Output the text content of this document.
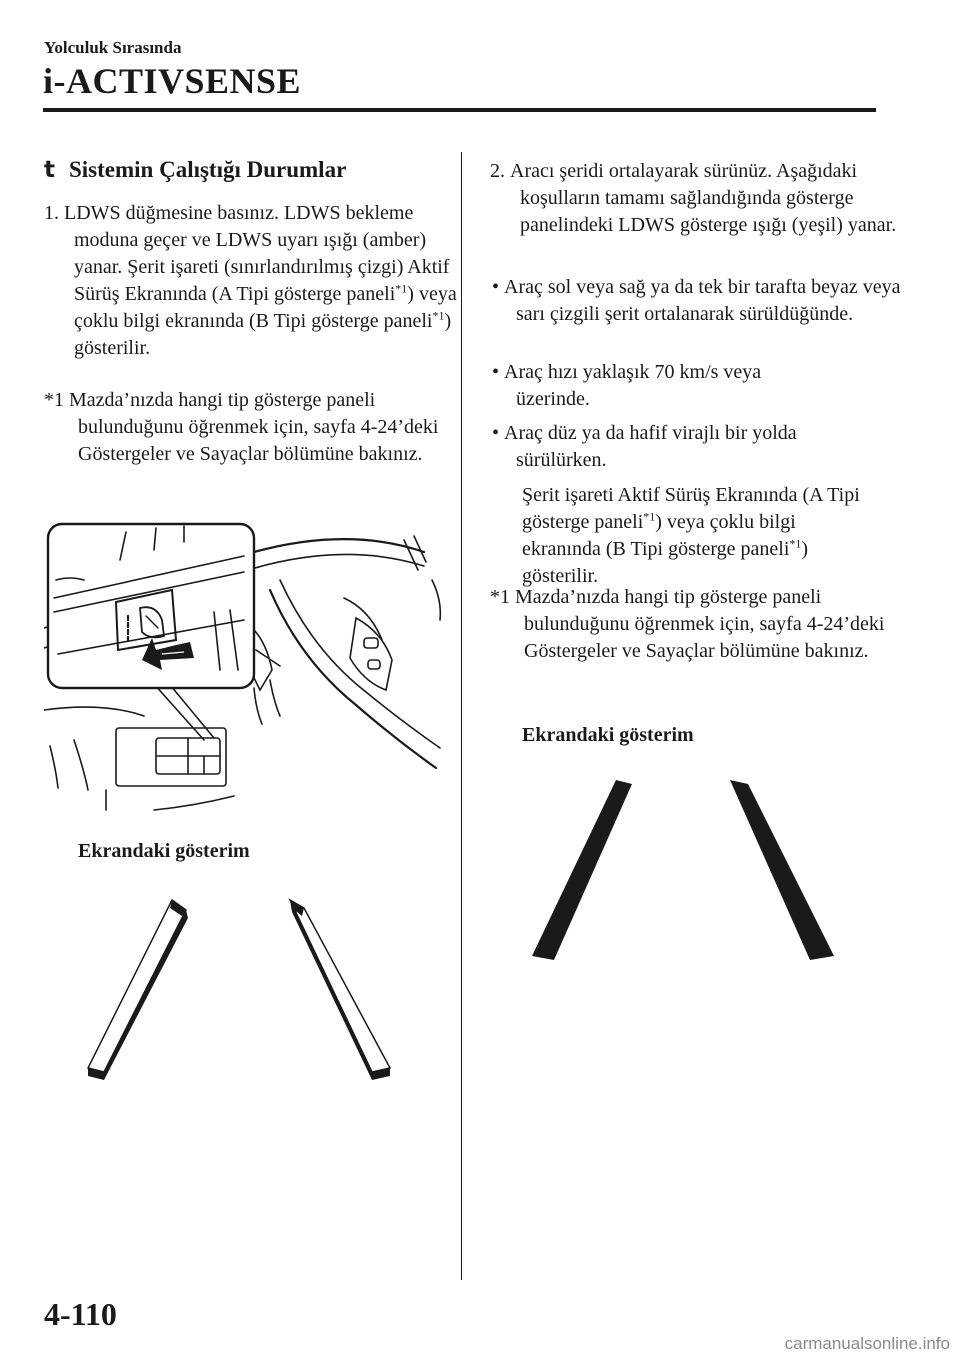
Yolculuk Sırasında
i-ACTIVSENSE
t Sistemin Çalıştığı Durumlar
1. LDWS düğmesine basınız. LDWS bekleme moduna geçer ve LDWS uyarı ışığı (amber) yanar. Şerit işareti (sınırlandırılmış çizgi) Aktif Sürüş Ekranında (A Tipi gösterge paneli$^{*1}$) veya çoklu bilgi ekranında (B Tipi gösterge paneli$^{*1}$) gösterilir.
*1 Mazda’nızda hangi tip gösterge paneli bulunduğunu öğrenmek için, sayfa 4-24’deki Göstergeler ve Sayaçlar bölümüne bakınız.
Ekrandaki gösterim
2. Aracı şeridi ortalayarak sürünüz. Aşağıdaki koşulların tamamı sağlandığında gösterge panelindeki LDWS gösterge ışığı (yeşil) yanar.
• Araç sol veya sağ ya da tek bir tarafta beyaz veya sarı çizgili şerit ortalanarak sürüldüğünde.
• Araç hızı yaklaşık 70 km/s veya üzerinde.
• Araç düz ya da hafif virajlı bir yolda sürülürken.
Şerit işareti Aktif Sürüş Ekranında (A Tipi gösterge paneli$^{*1}$) veya çoklu bilgi ekranında (B Tipi gösterge paneli$^{*1}$) gösterilir.
*1 Mazda’nızda hangi tip gösterge paneli bulunduğunu öğrenmek için, sayfa 4-24’deki Göstergeler ve Sayaçlar bölümüne bakınız.
Ekrandaki gösterim
4-110
carmanualsonline.info
